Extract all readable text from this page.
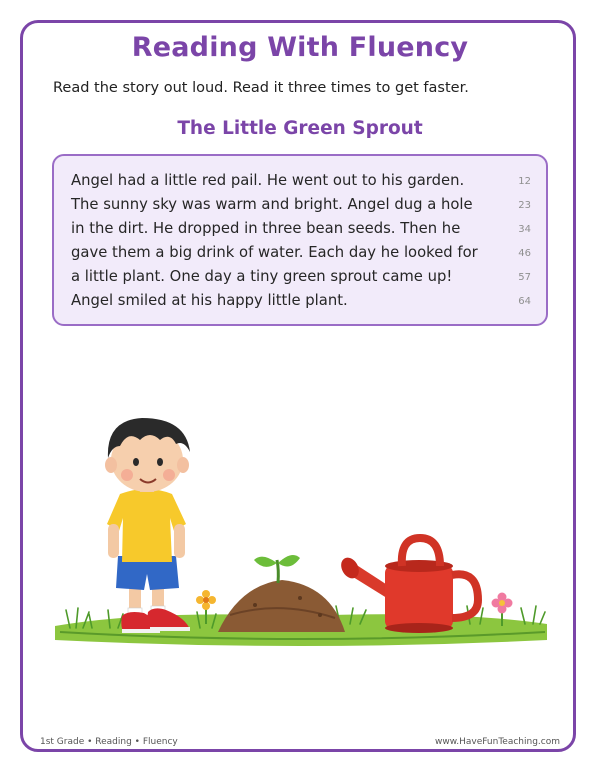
Reading With Fluency
Read the story out loud. Read it three times to get faster.
The Little Green Sprout
Angel had a little red pail. He went out to his garden.	12
The sunny sky was warm and bright. Angel dug a hole	23
in the dirt. He dropped in three bean seeds. Then he	34
gave them a big drink of water. Each day he looked for	46
a little plant. One day a tiny green sprout came up!	57
Angel smiled at his happy little plant.	64
1st Grade • Reading • Fluency	www.HaveFunTeaching.com
